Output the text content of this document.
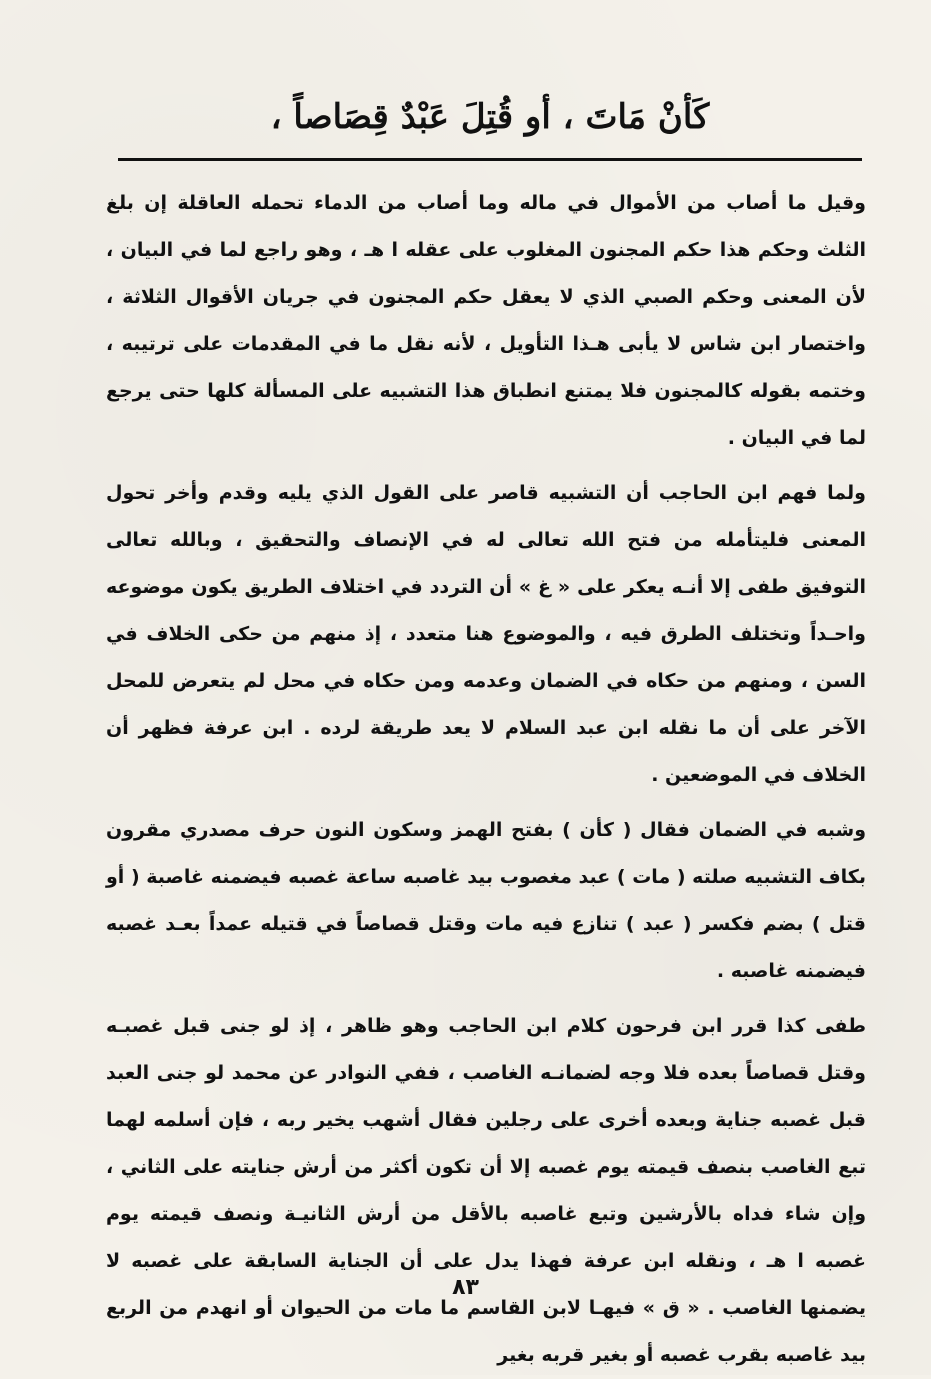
كَأنْ مَاتَ ، أو قُتِلَ عَبْدٌ قِصَاصاً ،

وقيل ما أصاب من الأموال في ماله وما أصاب من الدماء تحمله العاقلة إن بلغ الثلث وحكم هذا حكم المجنون المغلوب على عقله ا هـ ، وهو راجع لما في البيان ، لأن المعنى وحكم الصبي الذي لا يعقل حكم المجنون في جريان الأقوال الثلاثة ، واختصار ابن شاس لا يأبى هـذا التأويل ، لأنه نقل ما في المقدمات على ترتيبه ، وختمه بقوله كالمجنون فلا يمتنع انطباق هذا التشبيه على المسألة كلها حتى يرجع لما في البيان .

ولما فهم ابن الحاجب أن التشبيه قاصر على القول الذي يليه وقدم وأخر تحول المعنى فليتأمله من فتح الله تعالى له في الإنصاف والتحقيق ، وبالله تعالى التوفيق طفى إلا أنـه يعكر على « غ » أن التردد في اختلاف الطريق يكون موضوعه واحـداً وتختلف الطرق فيه ، والموضوع هنا متعدد ، إذ منهم من حكى الخلاف في السن ، ومنهم من حكاه في الضمان وعدمه ومن حكاه في محل لم يتعرض للمحل الآخر على أن ما نقله ابن عبد السلام لا يعد طريقة لرده . ابن عرفة فظهر أن الخلاف في الموضعين .

وشبه في الضمان فقال ( كأن ) بفتح الهمز وسكون النون حرف مصدري مقرون بكاف التشبيه صلته ( مات ) عبد مغصوب بيد غاصبه ساعة غصبه فيضمنه غاصبة ( أو قتل ) بضم فكسر ( عبد ) تنازع فيه مات وقتل قصاصاً في قتيله عمداً بعـد غصبه فيضمنه غاصبه .

طفى كذا قرر ابن فرحون كلام ابن الحاجب وهو ظاهر ، إذ لو جنى قبل غصبـه وقتل قصاصاً بعده فلا وجه لضمانـه الغاصب ، ففي النوادر عن محمد لو جنى العبد قبل غصبه جناية وبعده أخرى على رجلين فقال أشهب يخير ربه ، فإن أسلمه لهما تبع الغاصب بنصف قيمته يوم غصبه إلا أن تكون أكثر من أرش جنايته على الثاني ، وإن شاء فداه بالأرشين وتبع غاصبه بالأقل من أرش الثانيـة ونصف قيمته يوم غصبه ا هـ ، ونقله ابن عرفة فهذا يدل على أن الجناية السابقة على غصبه لا يضمنها الغاصب . « ق » فيهـا لابن القاسم ما مات من الحيوان أو انهدم من الربع بيد غاصبه بقرب غصبه أو بغير قربه بغير

٨٣
